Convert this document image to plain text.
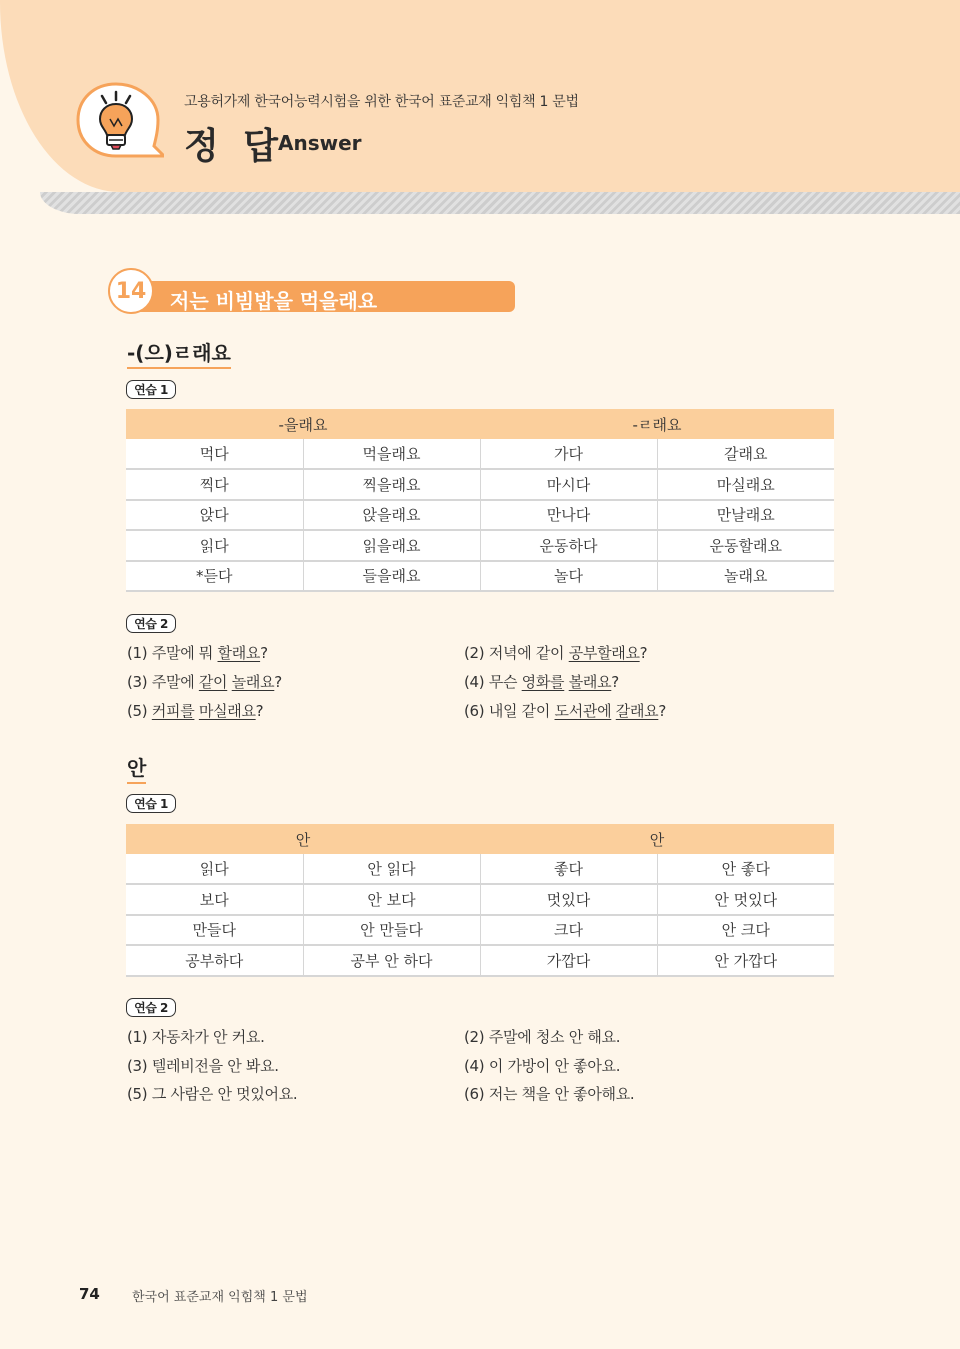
고용허가제 한국어능력시험을 위한 한국어 표준교재 익힘책 1 문법
정 답
Answer
14	저는 비빔밥을 먹을래요
-(으)ㄹ래요
연습 1
-을래요		-ㄹ래요	
먹다	먹을래요	가다	갈래요
찍다	찍을래요	마시다	마실래요
앉다	앉을래요	만나다	만날래요
읽다	읽을래요	운동하다	운동할래요
*듣다	들을래요	놀다	놀래요
연습 2
(1) 주말에 뭐 할래요?	(2) 저녁에 같이 공부할래요?
(3) 주말에 같이 놀래요?	(4) 무슨 영화를 볼래요?
(5) 커피를 마실래요?	(6) 내일 같이 도서관에 갈래요?
안
연습 1
안		안	
읽다	안 읽다	좋다	안 좋다
보다	안 보다	멋있다	안 멋있다
만들다	안 만들다	크다	안 크다
공부하다	공부 안 하다	가깝다	안 가깝다
연습 2
(1) 자동차가 안 커요.	(2) 주말에 청소 안 해요.
(3) 텔레비전을 안 봐요.	(4) 이 가방이 안 좋아요.
(5) 그 사람은 안 멋있어요.	(6) 저는 책을 안 좋아해요.
74 한국어 표준교재 익힘책 1 문법
